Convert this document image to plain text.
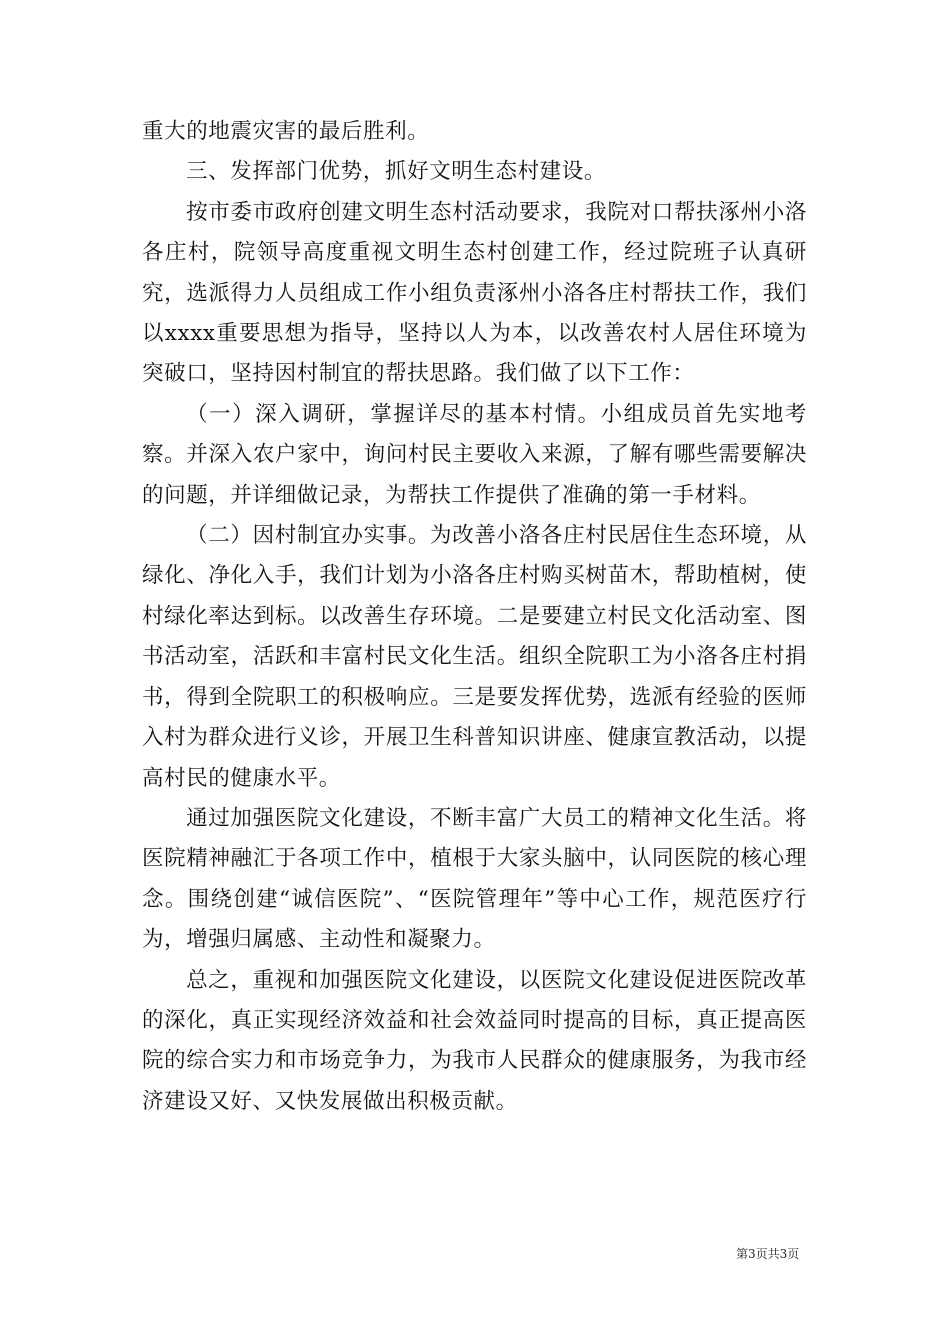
重大的地震灾害的最后胜利。

三、发挥部门优势，抓好文明生态村建设。

按市委市政府创建文明生态村活动要求，我院对口帮扶涿州小洛各庄村，院领导高度重视文明生态村创建工作，经过院班子认真研究，选派得力人员组成工作小组负责涿州小洛各庄村帮扶工作，我们以xxxx重要思想为指导，坚持以人为本，以改善农村人居住环境为突破口，坚持因村制宜的帮扶思路。我们做了以下工作：

（一）深入调研，掌握详尽的基本村情。小组成员首先实地考察。并深入农户家中，询问村民主要收入来源，了解有哪些需要解决的问题，并详细做记录，为帮扶工作提供了准确的第一手材料。

（二）因村制宜办实事。为改善小洛各庄村民居住生态环境，从绿化、净化入手，我们计划为小洛各庄村购买树苗木，帮助植树，使村绿化率达到标。以改善生存环境。二是要建立村民文化活动室、图书活动室，活跃和丰富村民文化生活。组织全院职工为小洛各庄村捐书，得到全院职工的积极响应。三是要发挥优势，选派有经验的医师入村为群众进行义诊，开展卫生科普知识讲座、健康宣教活动，以提高村民的健康水平。

通过加强医院文化建设，不断丰富广大员工的精神文化生活。将医院精神融汇于各项工作中，植根于大家头脑中，认同医院的核心理念。围绕创建“诚信医院”、“医院管理年”等中心工作，规范医疗行为，增强归属感、主动性和凝聚力。

总之，重视和加强医院文化建设，以医院文化建设促进医院改革的深化，真正实现经济效益和社会效益同时提高的目标，真正提高医院的综合实力和市场竞争力，为我市人民群众的健康服务，为我市经济建设又好、又快发展做出积极贡献。

第3页共3页
